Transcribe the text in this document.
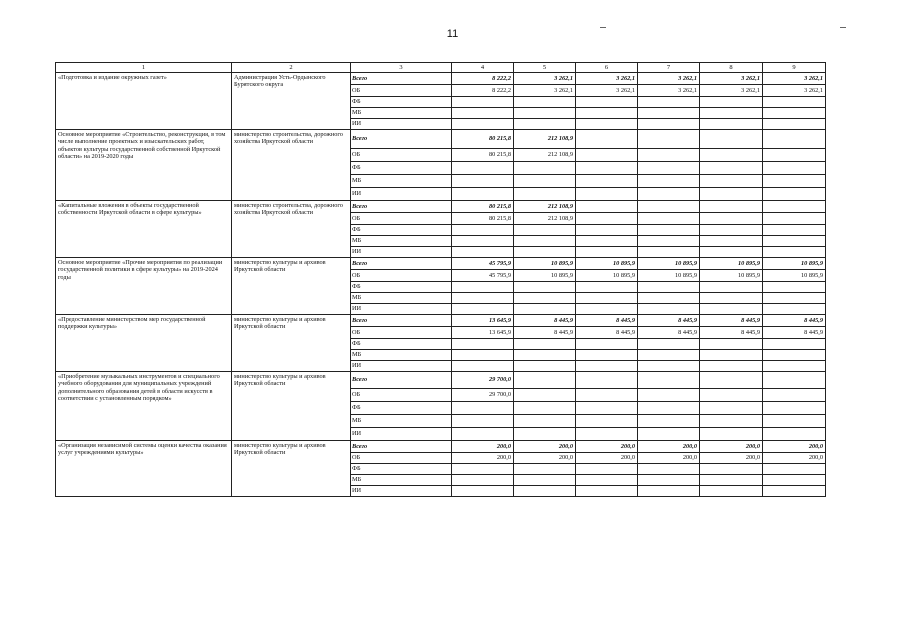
11
1	2	3	4	5	6	7	8	9
«Подготовка и издание окружных газет»	Администрация Усть-Ордынского Бурятского округа	Всего	8 222,2	3 262,1	3 262,1	3 262,1	3 262,1	3 262,1
		ОБ	8 222,2	3 262,1	3 262,1	3 262,1	3 262,1	3 262,1
		ФБ						
		МБ						
		ИИ						
Основное мероприятие «Строительство, реконструкция, в том числе выполнение проектных и изыскательских работ, объектов культуры государственной собственной Иркутской области» на 2019-2020 годы	министерство строительства, дорожного хозяйства Иркутской области	Всего	80 215,8	212 108,9				
		ОБ	80 215,8	212 108,9				
		ФБ						
		МБ						
		ИИ						
«Капитальные вложения в объекты государственной собственности Иркутской области в сфере культуры»	министерство строительства, дорожного хозяйства Иркутской области	Всего	80 215,8	212 108,9				
		ОБ	80 215,8	212 108,9				
		ФБ						
		МБ						
		ИИ						
Основное мероприятие «Прочие мероприятия по реализации государственной политики в сфере культуры» на 2019-2024 годы	министерство культуры и архивов Иркутской области	Всего	45 795,9	10 895,9	10 895,9	10 895,9	10 895,9	10 895,9
		ОБ	45 795,9	10 895,9	10 895,9	10 895,9	10 895,9	10 895,9
		ФБ						
		МБ						
		ИИ						
«Предоставление министерством мер государственной поддержки культуры»	министерство культуры и архивов Иркутской области	Всего	13 645,9	8 445,9	8 445,9	8 445,9	8 445,9	8 445,9
		ОБ	13 645,9	8 445,9	8 445,9	8 445,9	8 445,9	8 445,9
		ФБ						
		МБ						
		ИИ						
«Приобретение музыкальных инструментов и специального учебного оборудования для муниципальных учреждений дополнительного образования детей в области искусств в соответствии с установленным порядком»	министерство культуры и архивов Иркутской области	Всего	29 700,0					
		ОБ	29 700,0					
		ФБ						
		МБ						
		ИИ						
«Организация независимой системы оценки качества оказания услуг учреждениями культуры»	министерство культуры и архивов Иркутской области	Всего	200,0	200,0	200,0	200,0	200,0	200,0
		ОБ	200,0	200,0	200,0	200,0	200,0	200,0
		ФБ						
		МБ						
		ИИ						
